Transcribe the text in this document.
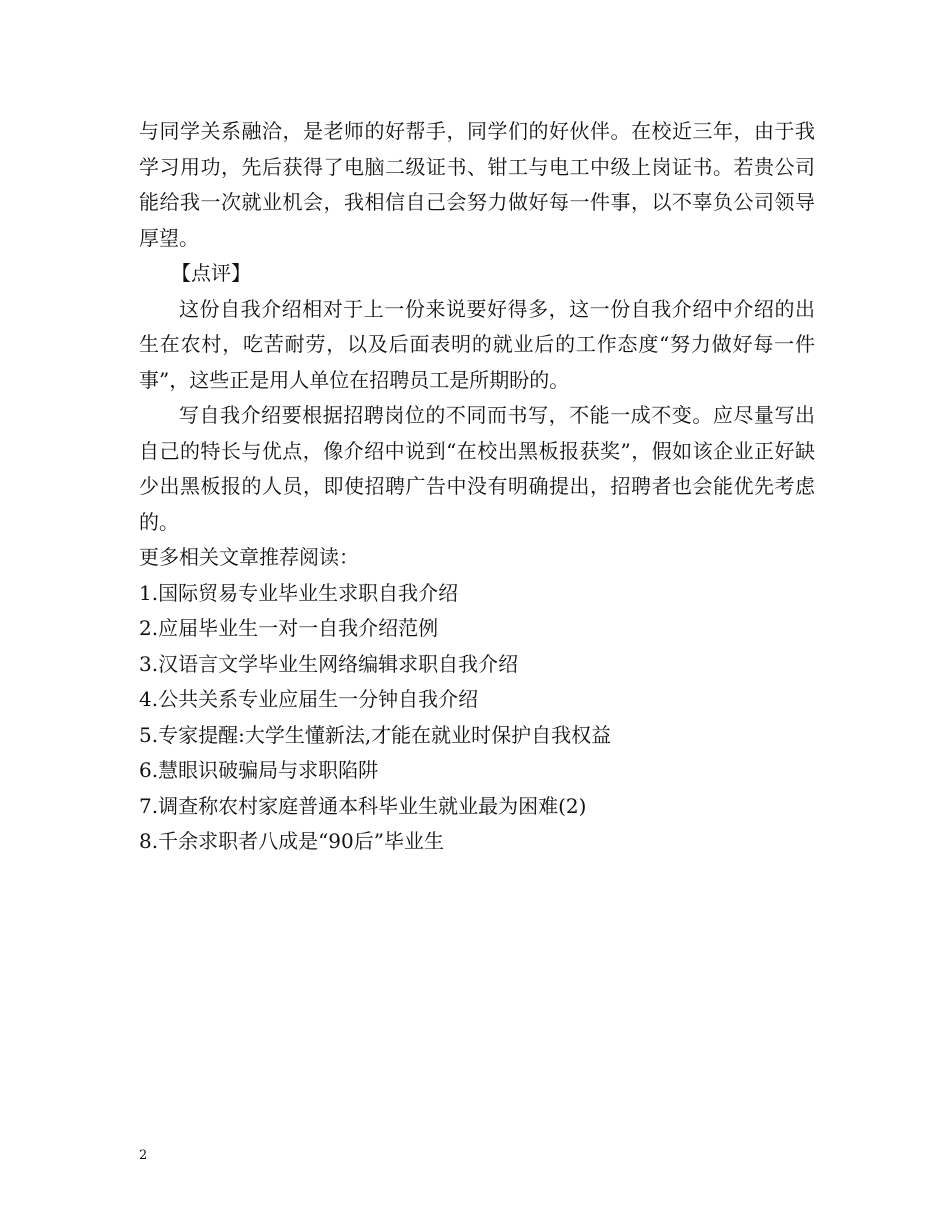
与同学关系融洽，是老师的好帮手，同学们的好伙伴。在校近三年，由于我学习用功，先后获得了电脑二级证书、钳工与电工中级上岗证书。若贵公司能给我一次就业机会，我相信自己会努力做好每一件事，以不辜负公司领导厚望。

【点评】

这份自我介绍相对于上一份来说要好得多，这一份自我介绍中介绍的出生在农村，吃苦耐劳，以及后面表明的就业后的工作态度“努力做好每一件事”，这些正是用人单位在招聘员工是所期盼的。

写自我介绍要根据招聘岗位的不同而书写，不能一成不变。应尽量写出自己的特长与优点，像介绍中说到“在校出黑板报获奖”，假如该企业正好缺少出黑板报的人员，即使招聘广告中没有明确提出，招聘者也会能优先考虑的。

更多相关文章推荐阅读：

1.国际贸易专业毕业生求职自我介绍
2.应届毕业生一对一自我介绍范例
3.汉语言文学毕业生网络编辑求职自我介绍
4.公共关系专业应届生一分钟自我介绍
5.专家提醒:大学生懂新法,才能在就业时保护自我权益
6.慧眼识破骗局与求职陷阱
7.调查称农村家庭普通本科毕业生就业最为困难(2)
8.千余求职者八成是“90后”毕业生
2
